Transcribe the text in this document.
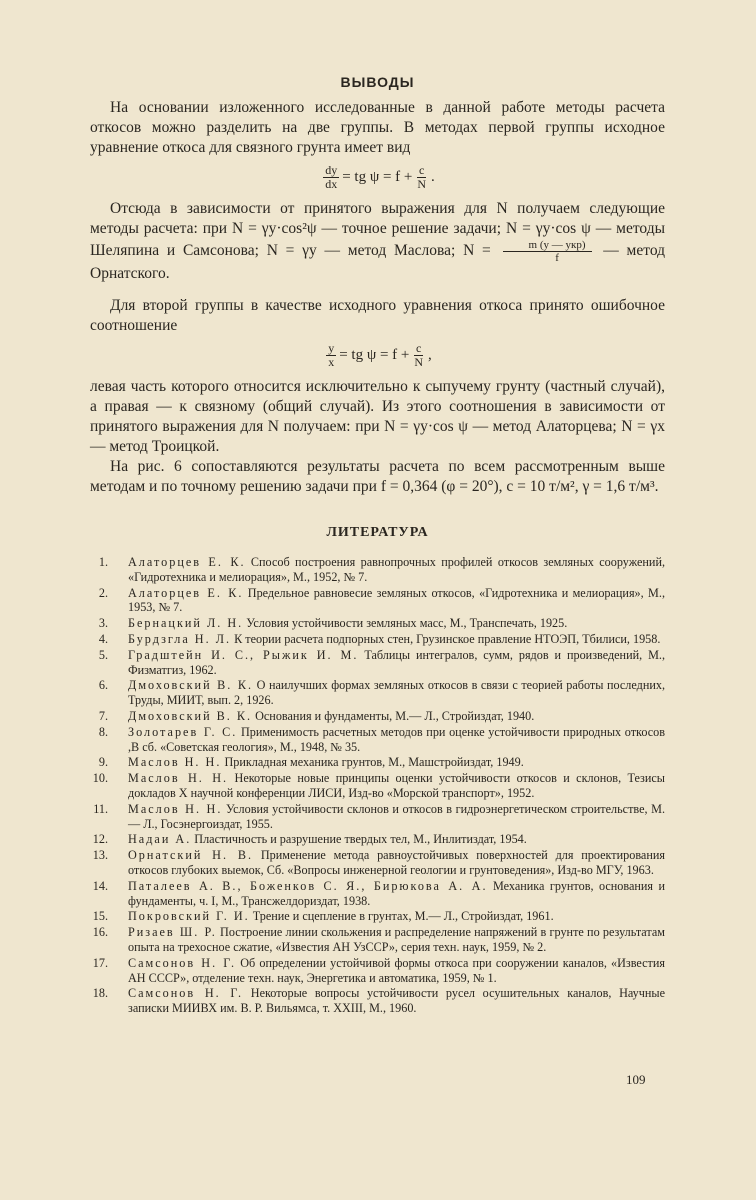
ВЫВОДЫ

На основании изложенного исследованные в данной работе методы расчета откосов можно разделить на две группы. В методах первой группы исходное уравнение откоса для связного грунта имеет вид

$\frac{dy}{dx}$ = tg $\psi = f + \frac{c}{N}$ .

Отсюда в зависимости от принятого выражения для N получаем следующие методы расчета: при N = γy·cos²ψ — точное решение задачи; N = γy·cos ψ — методы Шеляпина и Самсонова; N = γy — метод Маслова; $N = \frac{\text{m (y — yкр)}}{f}$ — метод Орнатского.

Для второй группы в качестве исходного уравнения откоса принято ошибочное соотношение

$\frac{y}{x}$ = tg $\psi = f + \frac{c}{N}$ ,

левая часть которого относится исключительно к сыпучему грунту (частный случай), а правая — к связному (общий случай). Из этого соотношения в зависимости от принятого выражения для N получаем: при N = γy·cos ψ — метод Алаторцева; N = γx — метод Троицкой.

На рис. 6 сопоставляются результаты расчета по всем рассмотренным выше методам и по точному решению задачи при f = 0,364 (φ = 20°), c = 10 т/м², γ = 1,6 т/м³.

ЛИТЕРАТУРА
1. Алаторцев Е. К. Способ построения равнопрочных профилей откосов земляных сооружений, «Гидротехника и мелиорация», М., 1952, № 7.
2. Алаторцев Е. К. Предельное равновесие земляных откосов, «Гидротехника и мелиорация», М., 1953, № 7.
3. Бернацкий Л. Н. Условия устойчивости земляных масс, М., Транспечать, 1925.
4. Бурдзгла Н. Л. К теории расчета подпорных стен, Грузинское правление НТОЭП, Тбилиси, 1958.
5. Градштейн И. С., Рыжик И. М. Таблицы интегралов, сумм, рядов и произведений, М., Физматгиз, 1962.
6. Дмоховский В. К. О наилучших формах земляных откосов в связи с теорией работы последних, Труды, МИИТ, вып. 2, 1926.
7. Дмоховский В. К. Основания и фундаменты, М.— Л., Стройиздат, 1940.
8. Золотарев Г. С. Применимость расчетных методов при оценке устойчивости природных откосов ,В сб. «Советская геология», М., 1948, № 35.
9. Маслов Н. Н. Прикладная механика грунтов, М., Машстройиздат, 1949.
10. Маслов Н. Н. Некоторые новые принципы оценки устойчивости откосов и склонов, Тезисы докладов X научной конференции ЛИСИ, Изд-во «Морской транспорт», 1952.
11. Маслов Н. Н. Условия устойчивости склонов и откосов в гидроэнергетическом строительстве, М.— Л., Госэнергоиздат, 1955.
12. Надаи А. Пластичность и разрушение твердых тел, М., Инлитиздат, 1954.
13. Орнатский Н. В. Применение метода равноустойчивых поверхностей для проектирования откосов глубоких выемок, Сб. «Вопросы инженерной геологии и грунтоведения», Изд-во МГУ, 1963.
14. Паталеев А. В., Боженков С. Я., Бирюкова А. А. Механика грунтов, основания и фундаменты, ч. I, М., Трансжелдориздат, 1938.
15. Покровский Г. И. Трение и сцепление в грунтах, М.— Л., Стройиздат, 1961.
16. Ризаев Ш. Р. Построение линии скольжения и распределение напряжений в грунте по результатам опыта на трехосное сжатие, «Известия АН УзССР», серия техн. наук, 1959, № 2.
17. Самсонов Н. Г. Об определении устойчивой формы откоса при сооружении каналов, «Известия АН СССР», отделение техн. наук, Энергетика и автоматика, 1959, № 1.
18. Самсонов Н. Г. Некоторые вопросы устойчивости русел осушительных каналов, Научные записки МИИВХ им. В. Р. Вильямса, т. XXIII, М., 1960.
109
